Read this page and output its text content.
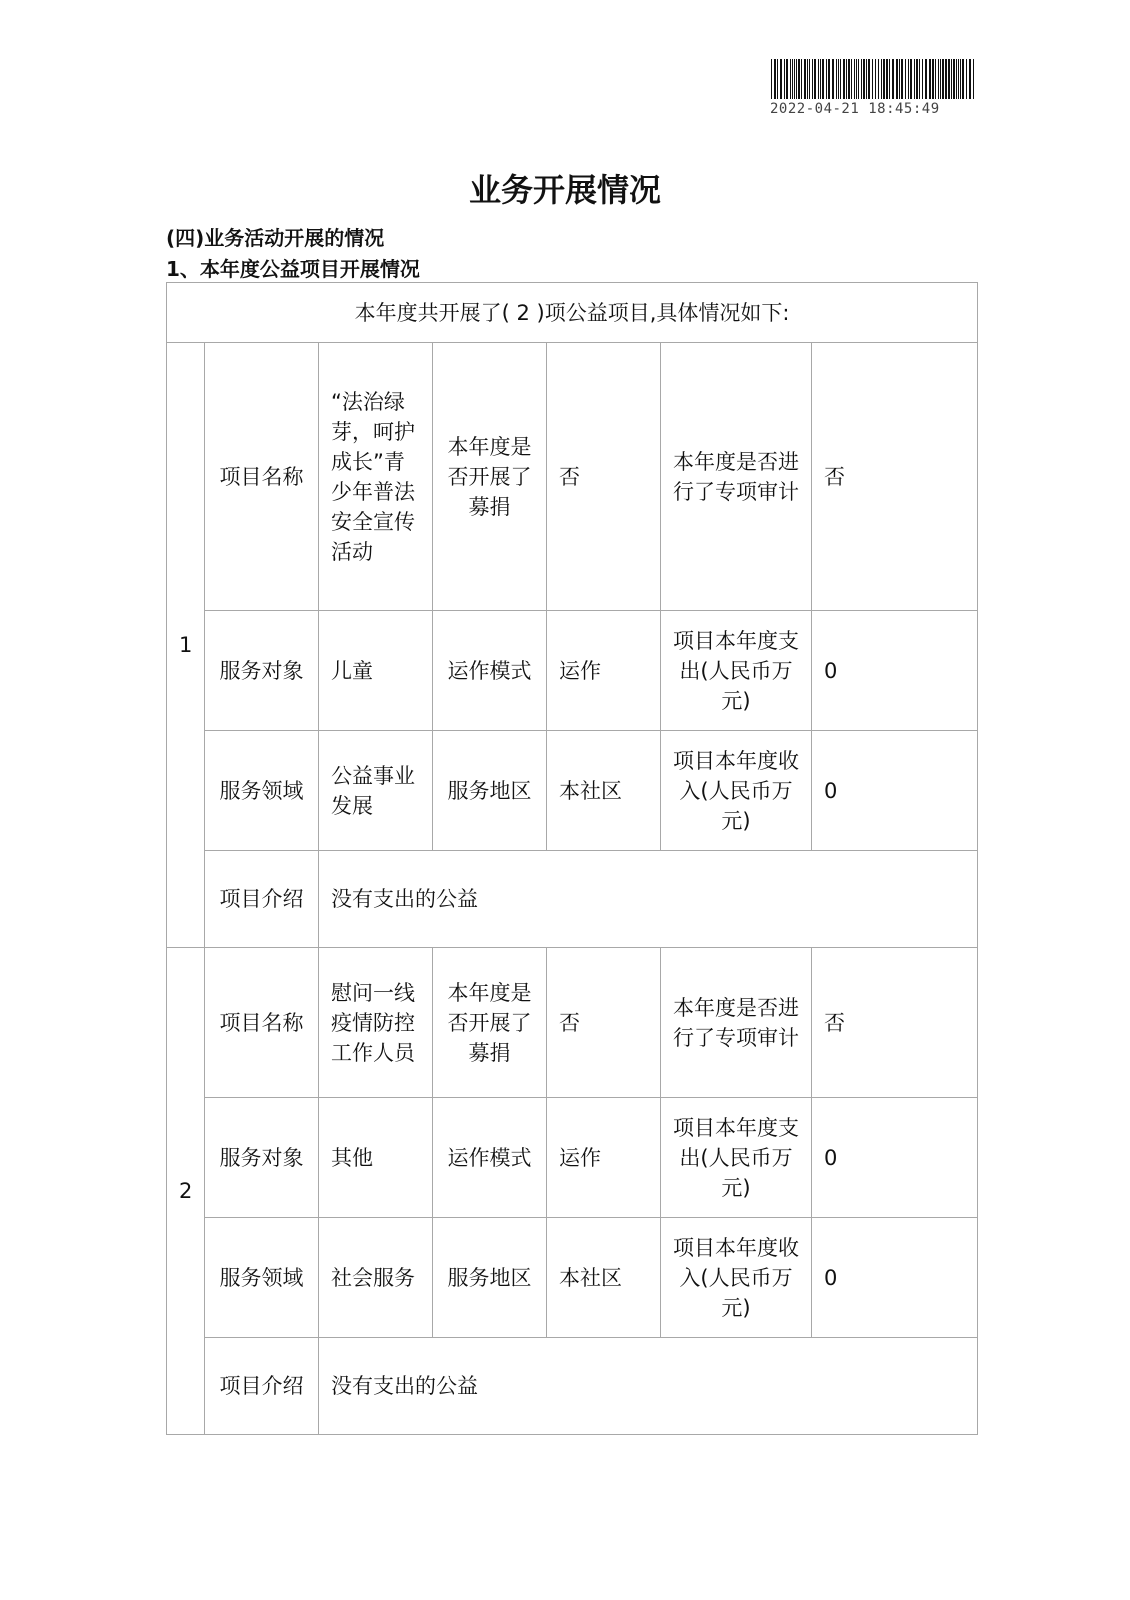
2022-04-21 18:45:49
业务开展情况
(四)业务活动开展的情况
1、本年度公益项目开展情况
本年度共开展了( 2 )项公益项目,具体情况如下:						
1	项目名称	“法治绿芽，呵护成长”青少年普法安全宣传活动	本年度是否开展了募捐	否	本年度是否进行了专项审计	否
	服务对象	儿童	运作模式	运作	项目本年度支出(人民币万元)	0
	服务领域	公益事业发展	服务地区	本社区	项目本年度收入(人民币万元)	0
	项目介绍	没有支出的公益				
2	项目名称	慰问一线疫情防控工作人员	本年度是否开展了募捐	否	本年度是否进行了专项审计	否
	服务对象	其他	运作模式	运作	项目本年度支出(人民币万元)	0
	服务领域	社会服务	服务地区	本社区	项目本年度收入(人民币万元)	0
	项目介绍	没有支出的公益				
